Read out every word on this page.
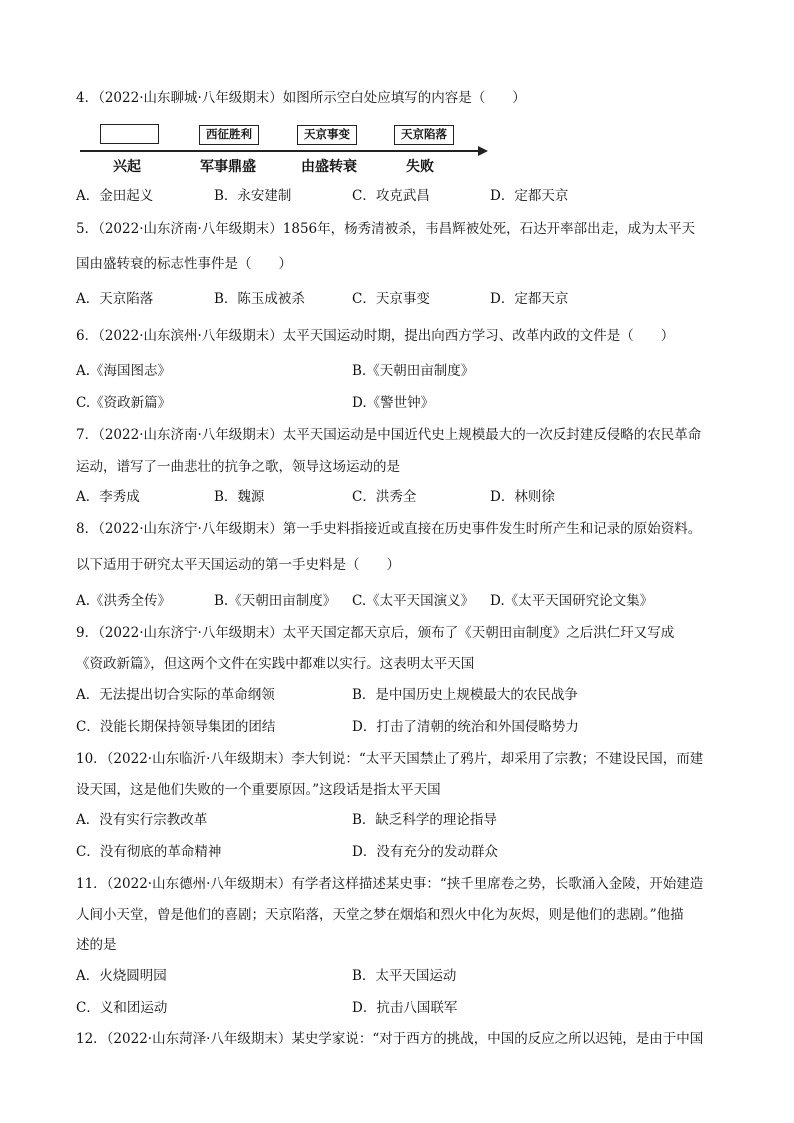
4．（2022·山东聊城·八年级期末）如图所示空白处应填写的内容是（　　）
西征胜利	天京事变	天京陷落
兴起	军事鼎盛	由盛转衰	失败
A．金田起义	B．永安建制	C．攻克武昌	D．定都天京
5．（2022·山东济南·八年级期末）1856年，杨秀清被杀，韦昌辉被处死，石达开率部出走，成为太平天
国由盛转衰的标志性事件是（　　）
A．天京陷落	B．陈玉成被杀	C．天京事变	D．定都天京
6．（2022·山东滨州·八年级期末）太平天国运动时期，提出向西方学习、改革内政的文件是（　　）
A.《海国图志》	B.《天朝田亩制度》
C.《资政新篇》	D.《警世钟》
7．（2022·山东济南·八年级期末）太平天国运动是中国近代史上规模最大的一次反封建反侵略的农民革命
运动，谱写了一曲悲壮的抗争之歌，领导这场运动的是
A．李秀成	B．魏源	C．洪秀全	D．林则徐
8．（2022·山东济宁·八年级期末）第一手史料指接近或直接在历史事件发生时所产生和记录的原始资料。
以下适用于研究太平天国运动的第一手史料是（　　）
A.《洪秀全传》	B.《天朝田亩制度》 C.《太平天国演义》 D.《太平天国研究论文集》
9．（2022·山东济宁·八年级期末）太平天国定都天京后，颁布了《天朝田亩制度》之后洪仁玕又写成
《资政新篇》，但这两个文件在实践中都难以实行。这表明太平天国
A．无法提出切合实际的革命纲领	B．是中国历史上规模最大的农民战争
C．没能长期保持领导集团的团结	D．打击了清朝的统治和外国侵略势力
10．（2022·山东临沂·八年级期末）李大钊说：“太平天国禁止了鸦片，却采用了宗教；不建设民国，而建
设天国，这是他们失败的一个重要原因。”这段话是指太平天国
A．没有实行宗教改革	B．缺乏科学的理论指导
C．没有彻底的革命精神	D．没有充分的发动群众
11．（2022·山东德州·八年级期末）有学者这样描述某史事：“挟千里席卷之势，长歌涌入金陵，开始建造
人间小天堂，曾是他们的喜剧；天京陷落，天堂之梦在烟焰和烈火中化为灰烬，则是他们的悲剧。”他描
述的是
A．火烧圆明园	B．太平天国运动
C．义和团运动	D．抗击八国联军
12．（2022·山东菏泽·八年级期末）某史学家说：“对于西方的挑战，中国的反应之所以迟钝，是由于中国
